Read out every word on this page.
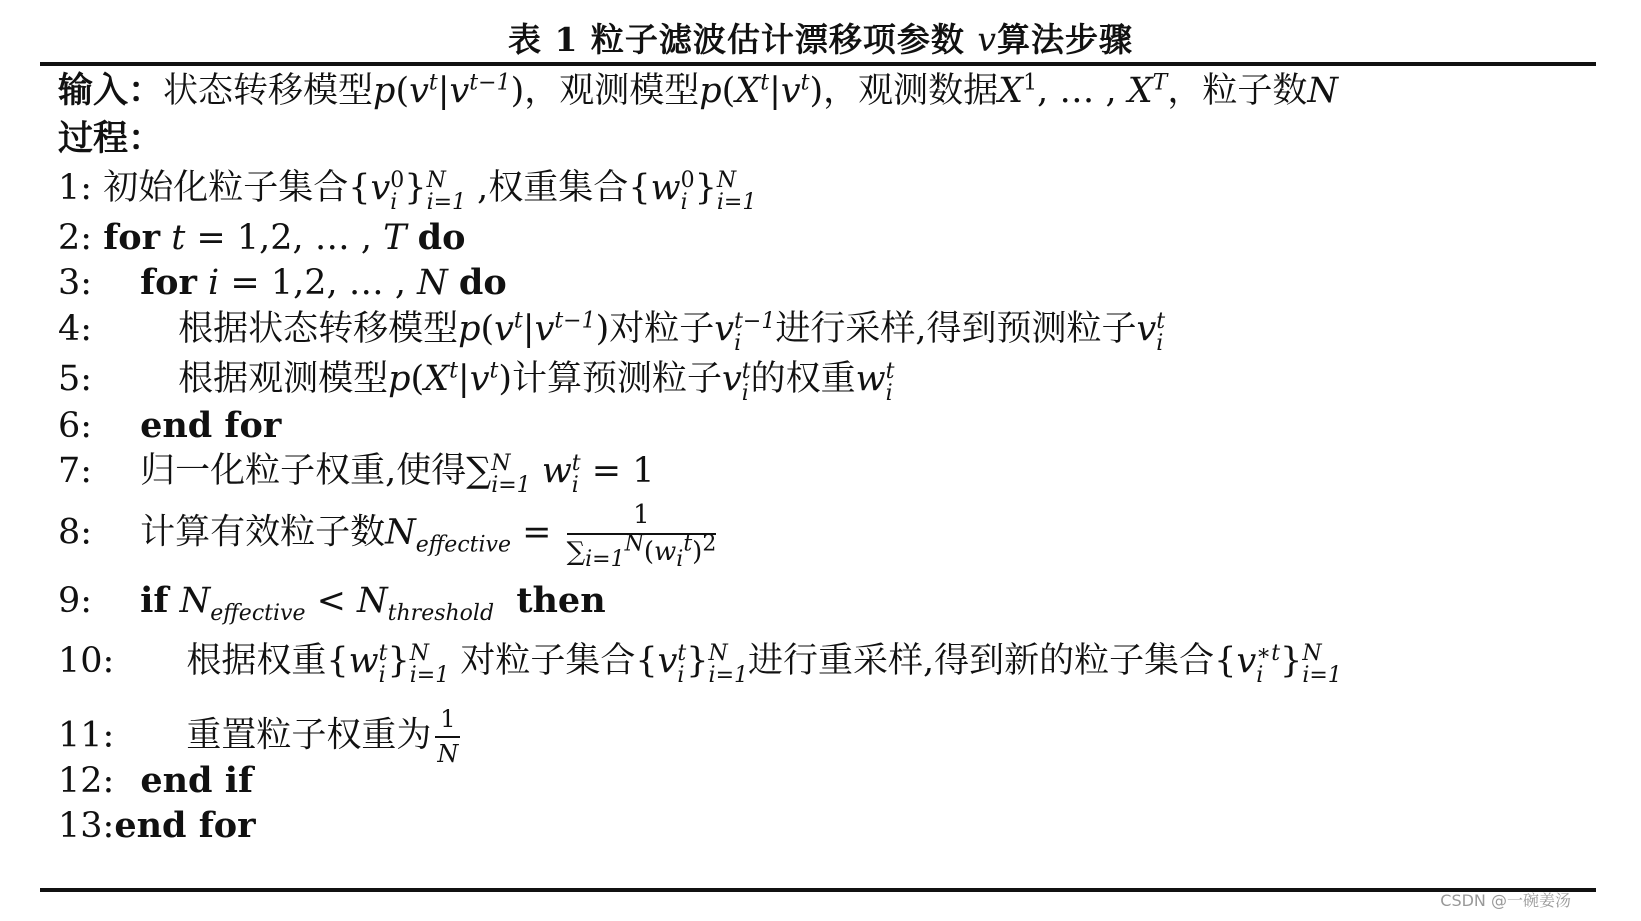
表 1 粒子滤波估计漂移项参数 v算法步骤
输入：状态转移模型$p(v^t|v^{t-1})$，观测模型$p(X^t|v^t)$，观测数据$X^1$, … , $X^T$，粒子数N
过程：
1: 初始化粒子集合{v 0
i } N
i=1 ,权重集合{w 0
i } N
i=1
2: for t = 1,2, … , T do
3: for i = 1,2, … , N do
4: 根据状态转移模型$p(v^t|v^{t-1})$对粒子v t−1
i 进行采样,得到预测粒子v t
i
5: 根据观测模型$p(X^t|v^t)$计算预测粒子v t
i 的权重w t
i
6: end for
7: 归一化粒子权重,使得∑ N
i=1 w t
i = 1
8: 计算有效粒子数$N_{effective} = \frac{1}{\sum_{i=1}^N(w_i^t)^2}$
9: if $N_{effective} < N_{threshold}$ then
10: 根据权重{w t
i } N
i=1 对粒子集合{v t
i } N
i=1 进行重采样,得到新的粒子集合{v ∗t
i } N
i=1
11: 重置粒子权重为 $\frac{1}{N}$
12: end if
13:end for
CSDN @一碗姜汤
